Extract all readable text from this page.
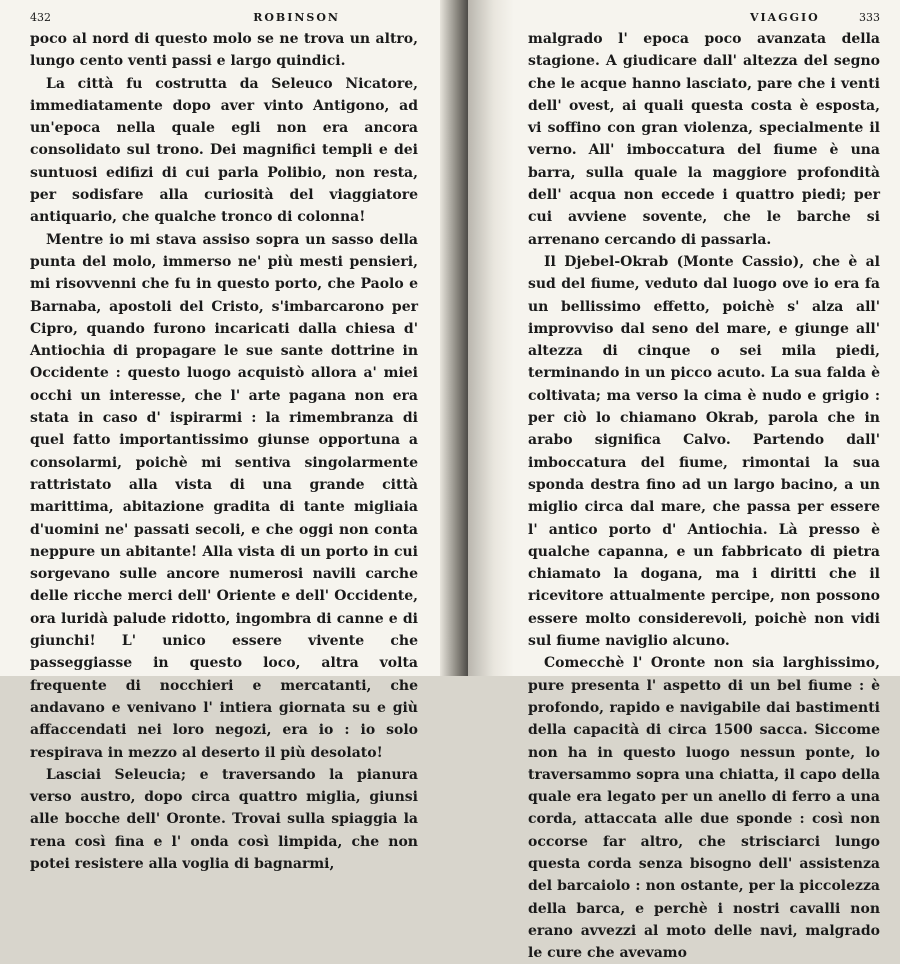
432	ROBINSON

poco al nord di questo molo se ne trova un altro, lungo cento venti passi e largo quindici.

La città fu costrutta da Seleuco Nicatore, immediatamente dopo aver vinto Antigono, ad un'epoca nella quale egli non era ancora consolidato sul trono. Dei magnifici templi e dei suntuosi edifizi di cui parla Polibio, non resta, per sodisfare alla curiosità del viaggiatore antiquario, che qualche tronco di colonna!

Mentre io mi stava assiso sopra un sasso della punta del molo, immerso ne' più mesti pensieri, mi risovvenni che fu in questo porto, che Paolo e Barnaba, apostoli del Cristo, s'imbarcarono per Cipro, quando furono incaricati dalla chiesa d' Antiochia di propagare le sue sante dottrine in Occidente : questo luogo acquistò allora a' miei occhi un interesse, che l' arte pagana non era stata in caso d' ispirarmi : la rimembranza di quel fatto importantissimo giunse opportuna a consolarmi, poichè mi sentiva singolarmente rattristato alla vista di una grande città marittima, abitazione gradita di tante migliaia d'uomini ne' passati secoli, e che oggi non conta neppure un abitante! Alla vista di un porto in cui sorgevano sulle ancore numerosi navili carche delle ricche merci dell' Oriente e dell' Occidente, ora luridà palude ridotto, ingombra di canne e di giunchi! L' unico essere vivente che passeggiasse in questo loco, altra volta frequente di nocchieri e mercatanti, che andavano e venivano l' intiera giornata su e giù affaccendati nei loro negozi, era io : io solo respirava in mezzo al deserto il più desolato!

Lasciai Seleucia; e traversando la pianura verso austro, dopo circa quattro miglia, giunsi alle bocche dell' Oronte. Trovai sulla spiaggia la rena così fina e l' onda così limpida, che non potei resistere alla voglia di bagnarmi,

VIAGGIO	333

malgrado l' epoca poco avanzata della stagione. A giudicare dall' altezza del segno che le acque hanno lasciato, pare che i venti dell' ovest, ai quali questa costa è esposta, vi soffino con gran violenza, specialmente il verno. All' imboccatura del fiume è una barra, sulla quale la maggiore profondità dell' acqua non eccede i quattro piedi; per cui avviene sovente, che le barche si arrenano cercando di passarla.

Il Djebel-Okrab (Monte Cassio), che è al sud del fiume, veduto dal luogo ove io era fa un bellissimo effetto, poichè s' alza all' improvviso dal seno del mare, e giunge all' altezza di cinque o sei mila piedi, terminando in un picco acuto. La sua falda è coltivata; ma verso la cima è nudo e grigio : per ciò lo chiamano Okrab, parola che in arabo significa Calvo. Partendo dall' imboccatura del fiume, rimontai la sua sponda destra fino ad un largo bacino, a un miglio circa dal mare, che passa per essere l' antico porto d' Antiochia. Là presso è qualche capanna, e un fabbricato di pietra chiamato la dogana, ma i diritti che il ricevitore attualmente percipe, non possono essere molto considerevoli, poichè non vidi sul fiume naviglio alcuno.

Comecchè l' Oronte non sia larghissimo, pure presenta l' aspetto di un bel fiume : è profondo, rapido e navigabile dai bastimenti della capacità di circa 1500 sacca. Siccome non ha in questo luogo nessun ponte, lo traversammo sopra una chiatta, il capo della quale era legato per un anello di ferro a una corda, attaccata alle due sponde : così non occorse far altro, che strisciarci lungo questa corda senza bisogno dell' assistenza del barcaiolo : non ostante, per la piccolezza della barca, e perchè i nostri cavalli non erano avvezzi al moto delle navi, malgrado le cure che avevamo
